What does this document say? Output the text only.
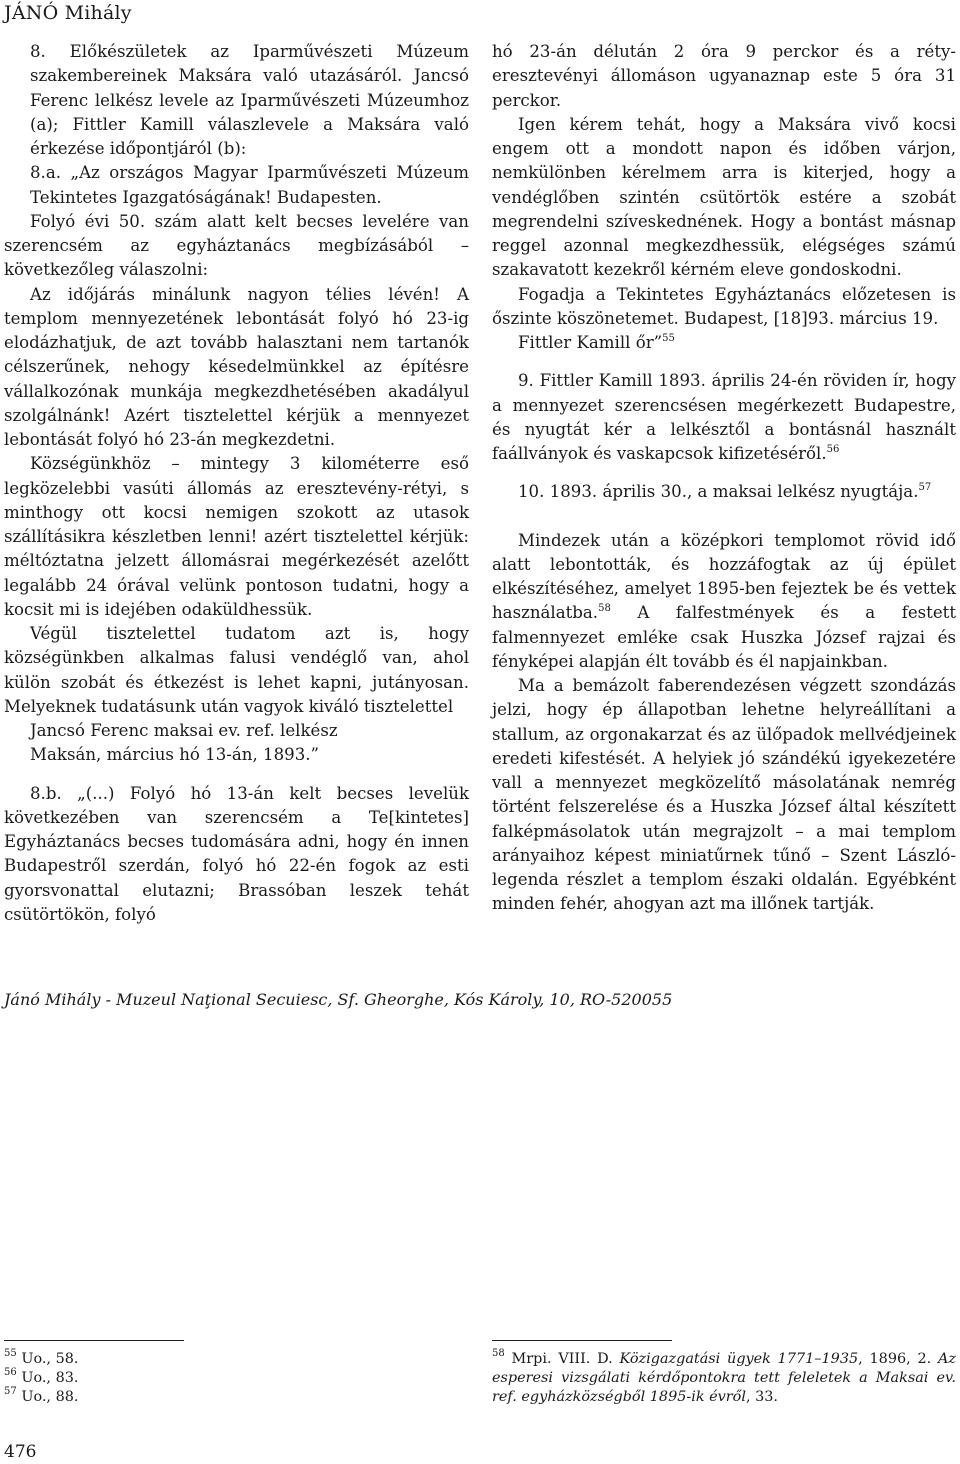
JÁNÓ Mihály

8. Előkészületek az Iparművészeti Múzeum szakembereinek Maksára való utazásáról. Jancsó Ferenc lelkész levele az Iparművészeti Múzeumhoz (a); Fittler Kamill válaszlevele a Maksára való érkezése időpontjáról (b):

8.a. „Az országos Magyar Iparművészeti Múzeum Tekintetes Igazgatóságának! Budapesten.

Folyó évi 50. szám alatt kelt becses levelére van szerencsém az egyháztanács megbízásából – következőleg válaszolni:

Az időjárás minálunk nagyon télies lévén! A templom mennyezetének lebontását folyó hó 23-ig elodázhatjuk, de azt tovább halasztani nem tartanók célszerűnek, nehogy késedelmünkkel az építésre vállalkozónak munkája megkezdhetésében akadályul szolgálnánk! Azért tisztelettel kérjük a mennyezet lebontását folyó hó 23-án megkezdetni.

Községünkhöz – mintegy 3 kilométerre eső legközelebbi vasúti állomás az eresztevény-rétyi, s minthogy ott kocsi nemigen szokott az utasok szállításikra készletben lenni! azért tisztelettel kérjük: méltóztatna jelzett állomásrai megérkezését azelőtt legalább 24 órával velünk pontoson tudatni, hogy a kocsit mi is idejében odaküldhessük.

Végül tisztelettel tudatom azt is, hogy községünkben alkalmas falusi vendéglő van, ahol külön szobát és étkezést is lehet kapni, jutányosan. Melyeknek tudatásunk után vagyok kiváló tisztelettel

Jancsó Ferenc maksai ev. ref. lelkész

Maksán, március hó 13-án, 1893.”

8.b. „(...) Folyó hó 13-án kelt becses levelük következében van szerencsém a Te[kintetes] Egyháztanács becses tudomására adni, hogy én innen Budapestről szerdán, folyó hó 22-én fogok az esti gyorsvonattal elutazni; Brassóban leszek tehát csütörtökön, folyó

hó 23-án délután 2 óra 9 perckor és a réty-eresztevényi állomáson ugyanaznap este 5 óra 31 perckor.

Igen kérem tehát, hogy a Maksára vivő kocsi engem ott a mondott napon és időben várjon, nemkülönben kérelmem arra is kiterjed, hogy a vendéglőben szintén csütörtök estére a szobát megrendelni szíveskednének. Hogy a bontást másnap reggel azonnal megkezdhessük, elégséges számú szakavatott kezekről kérném eleve gondoskodni.

Fogadja a Tekintetes Egyháztanács előzetesen is őszinte köszönetemet. Budapest, [18]93. március 19.

Fittler Kamill őr”$^{55}$

9. Fittler Kamill 1893. április 24-én röviden ír, hogy a mennyezet szerencsésen megérkezett Budapestre, és nyugtát kér a lelkésztől a bontásnál használt faállványok és vaskapcsok kifizetéséről.$^{56}$

10. 1893. április 30., a maksai lelkész nyugtája.$^{57}$

Mindezek után a középkori templomot rövid idő alatt lebontották, és hozzáfogtak az új épület elkészítéséhez, amelyet 1895-ben fejeztek be és vettek használatba.$^{58}$ A falfestmények és a festett falmennyezet emléke csak Huszka József rajzai és fényképei alapján élt tovább és él napjainkban.

Ma a bemázolt faberendezésen végzett szondázás jelzi, hogy ép állapotban lehetne helyreállítani a stallum, az orgonakarzat és az ülőpadok mellvédjeinek eredeti kifestését. A helyiek jó szándékú igyekezetére vall a mennyezet megközelítő másolatának nemrég történt felszerelése és a Huszka József által készített falképmásolatok után megrajzolt – a mai templom arányaihoz képest miniatűrnek tűnő – Szent László-legenda részlet a templom északi oldalán. Egyébként minden fehér, ahogyan azt ma illőnek tartják.

Jánó Mihály - Muzeul Naţional Secuiesc, Sf. Gheorghe, Kós Károly, 10, RO-520055
$^{55}$ Uo., 58.
$^{56}$ Uo., 83.
$^{57}$ Uo., 88.
$^{58}$ Mrpi. VIII. D. Közigazgatási ügyek 1771–1935, 1896, 2. Az esperesi vizsgálati kérdőpontokra tett feleletek a Maksai ev. ref. egyházközségből 1895-ik évről, 33.
476
